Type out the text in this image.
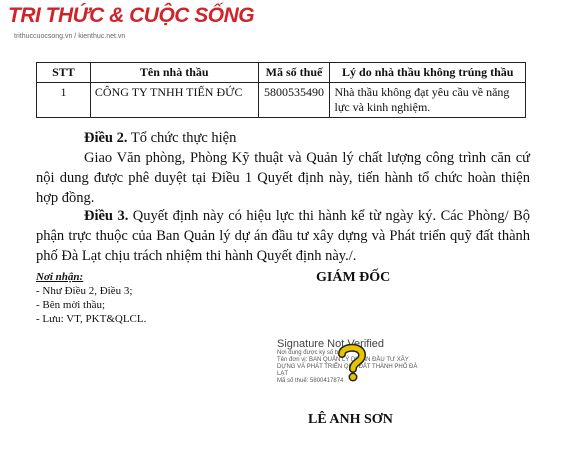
TRI THỨC & CUỘC SỐNG
trithuccuocsong.vn / kienthuc.net.vn
STT	Tên nhà thầu	Mã số thuế	Lý do nhà thầu không trúng thầu
1	CÔNG TY TNHH TIẾN ĐỨC	5800535490	Nhà thầu không đạt yêu cầu về năng lực và kinh nghiệm.
Điều 2. Tổ chức thực hiện
Giao Văn phòng, Phòng Kỹ thuật và Quản lý chất lượng công trình căn cứ nội dung được phê duyệt tại Điều 1 Quyết định này, tiến hành tổ chức hoàn thiện hợp đồng.
Điều 3. Quyết định này có hiệu lực thi hành kể từ ngày ký. Các Phòng/ Bộ phận trực thuộc của Ban Quản lý dự án đầu tư xây dựng và Phát triển quỹ đất thành phố Đà Lạt chịu trách nhiệm thi hành Quyết định này./.
Nơi nhận:
- Như Điều 2, Điều 3;
- Bên mời thầu;
- Lưu: VT, PKT&QLCL.
GIÁM ĐỐC
Signature Not Verified
Nơi dung được ký số bởi:
Tên đơn vị: BAN QUẢN LÝ DỰ ÁN ĐẦU TƯ XÂY
DỰNG VÀ PHÁT TRIỂN QUỸ ĐẤT THÀNH PHỐ ĐÀ
LẠT
Mã số thuế: 5800417874
LÊ ANH SƠN
